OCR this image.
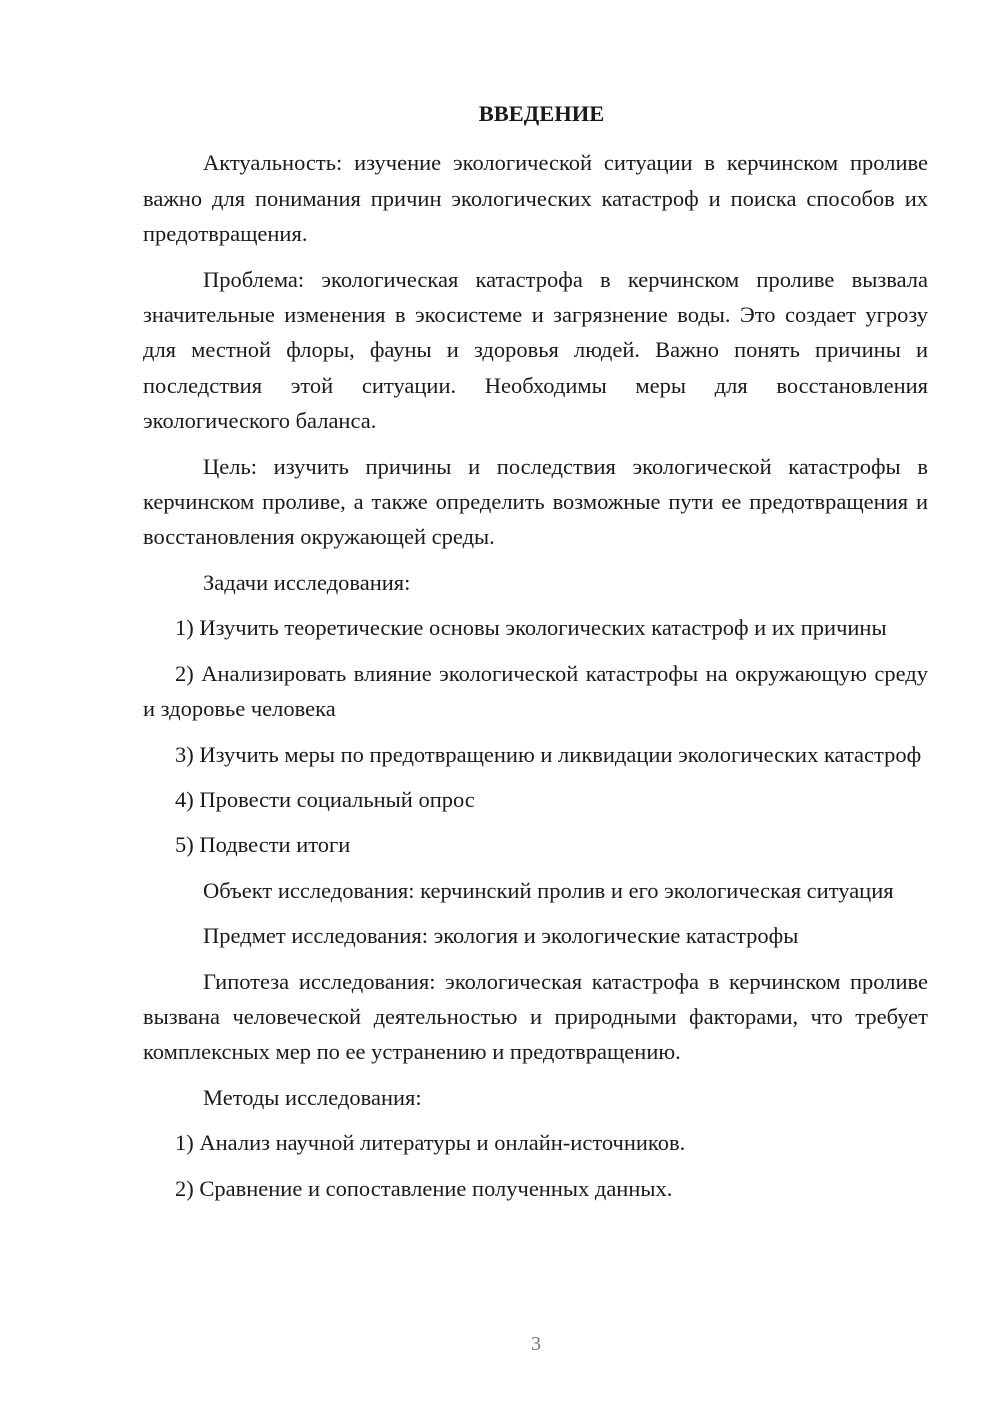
ВВЕДЕНИЕ

Актуальность: изучение экологической ситуации в керчинском проливе важно для понимания причин экологических катастроф и поиска способов их предотвращения.

Проблема: экологическая катастрофа в керчинском проливе вызвала значительные изменения в экосистеме и загрязнение воды. Это создает угрозу для местной флоры, фауны и здоровья людей. Важно понять причины и последствия этой ситуации. Необходимы меры для восстановления экологического баланса.

Цель: изучить причины и последствия экологической катастрофы в керчинском проливе, а также определить возможные пути ее предотвращения и восстановления окружающей среды.

Задачи исследования:

1) Изучить теоретические основы экологических катастроф и их причины

2) Анализировать влияние экологической катастрофы на окружающую среду и здоровье человека

3) Изучить меры по предотвращению и ликвидации экологических катастроф

4) Провести социальный опрос

5) Подвести итоги

Объект исследования: керчинский пролив и его экологическая ситуация

Предмет исследования: экология и экологические катастрофы

Гипотеза исследования: экологическая катастрофа в керчинском проливе вызвана человеческой деятельностью и природными факторами, что требует комплексных мер по ее устранению и предотвращению.

Методы исследования:

1) Анализ научной литературы и онлайн-источников.

2) Сравнение и сопоставление полученных данных.

3
